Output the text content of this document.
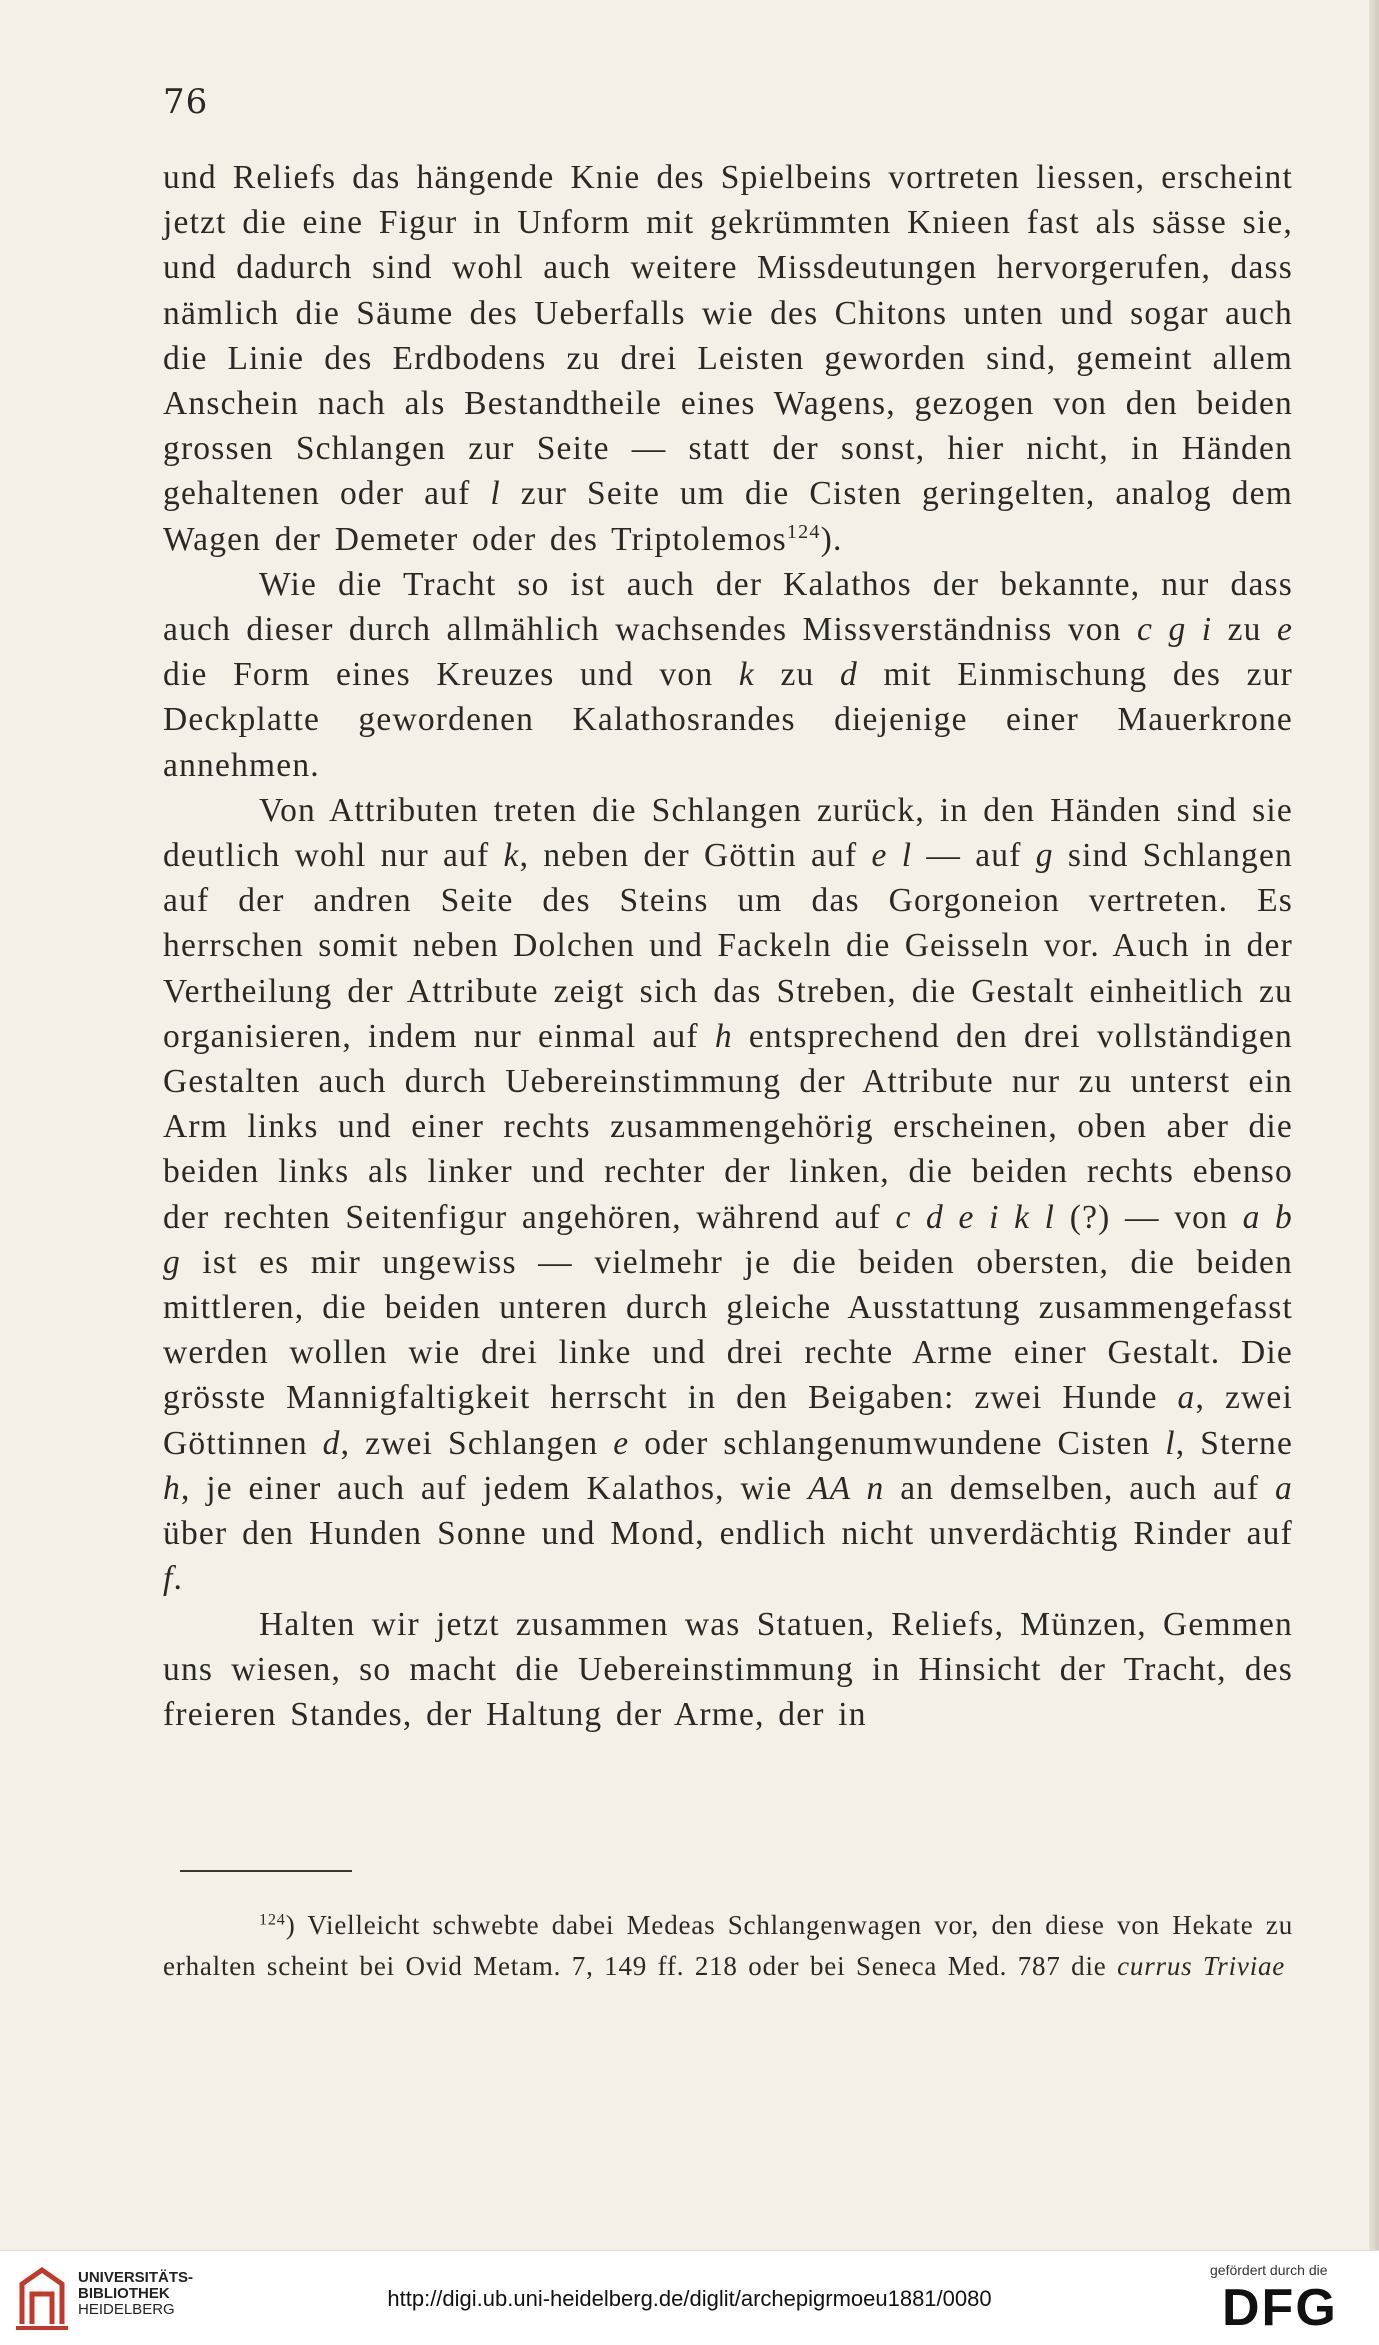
76

und Reliefs das hängende Knie des Spielbeins vortreten liessen, erscheint jetzt die eine Figur in Unform mit gekrümmten Knieen fast als sässe sie, und dadurch sind wohl auch weitere Missdeutungen hervorgerufen, dass nämlich die Säume des Ueberfalls wie des Chitons unten und sogar auch die Linie des Erdbodens zu drei Leisten geworden sind, gemeint allem Anschein nach als Bestandtheile eines Wagens, gezogen von den beiden grossen Schlangen zur Seite — statt der sonst, hier nicht, in Händen gehaltenen oder auf l zur Seite um die Cisten geringelten, analog dem Wagen der Demeter oder des Triptolemos$^{124}$).

Wie die Tracht so ist auch der Kalathos der bekannte, nur dass auch dieser durch allmählich wachsendes Missverständniss von c g i zu e die Form eines Kreuzes und von k zu d mit Einmischung des zur Deckplatte gewordenen Kalathosrandes diejenige einer Mauerkrone annehmen.

Von Attributen treten die Schlangen zurück, in den Händen sind sie deutlich wohl nur auf k, neben der Göttin auf e l — auf g sind Schlangen auf der andren Seite des Steins um das Gorgoneion vertreten. Es herrschen somit neben Dolchen und Fackeln die Geisseln vor. Auch in der Vertheilung der Attribute zeigt sich das Streben, die Gestalt einheitlich zu organisieren, indem nur einmal auf h entsprechend den drei vollständigen Gestalten auch durch Uebereinstimmung der Attribute nur zu unterst ein Arm links und einer rechts zusammengehörig erscheinen, oben aber die beiden links als linker und rechter der linken, die beiden rechts ebenso der rechten Seitenfigur angehören, während auf c d e i k l (?) — von a b g ist es mir ungewiss — vielmehr je die beiden obersten, die beiden mittleren, die beiden unteren durch gleiche Ausstattung zusammengefasst werden wollen wie drei linke und drei rechte Arme einer Gestalt. Die grösste Mannigfaltigkeit herrscht in den Beigaben: zwei Hunde a, zwei Göttinnen d, zwei Schlangen e oder schlangenumwundene Cisten l, Sterne h, je einer auch auf jedem Kalathos, wie AA n an demselben, auch auf a über den Hunden Sonne und Mond, endlich nicht unverdächtig Rinder auf f.

Halten wir jetzt zusammen was Statuen, Reliefs, Münzen, Gemmen uns wiesen, so macht die Uebereinstimmung in Hinsicht der Tracht, des freieren Standes, der Haltung der Arme, der in

$^{124}$) Vielleicht schwebte dabei Medeas Schlangenwagen vor, den diese von Hekate zu erhalten scheint bei Ovid Metam. 7, 149 ff. 218 oder bei Seneca Med. 787 die currus Triviae

UNIVERSITÄTS-
BIBLIOTHEK
HEIDELBERG	http://digi.ub.uni-heidelberg.de/diglit/archepigrmoeu1881/0080
gefördert durch die
DFG
